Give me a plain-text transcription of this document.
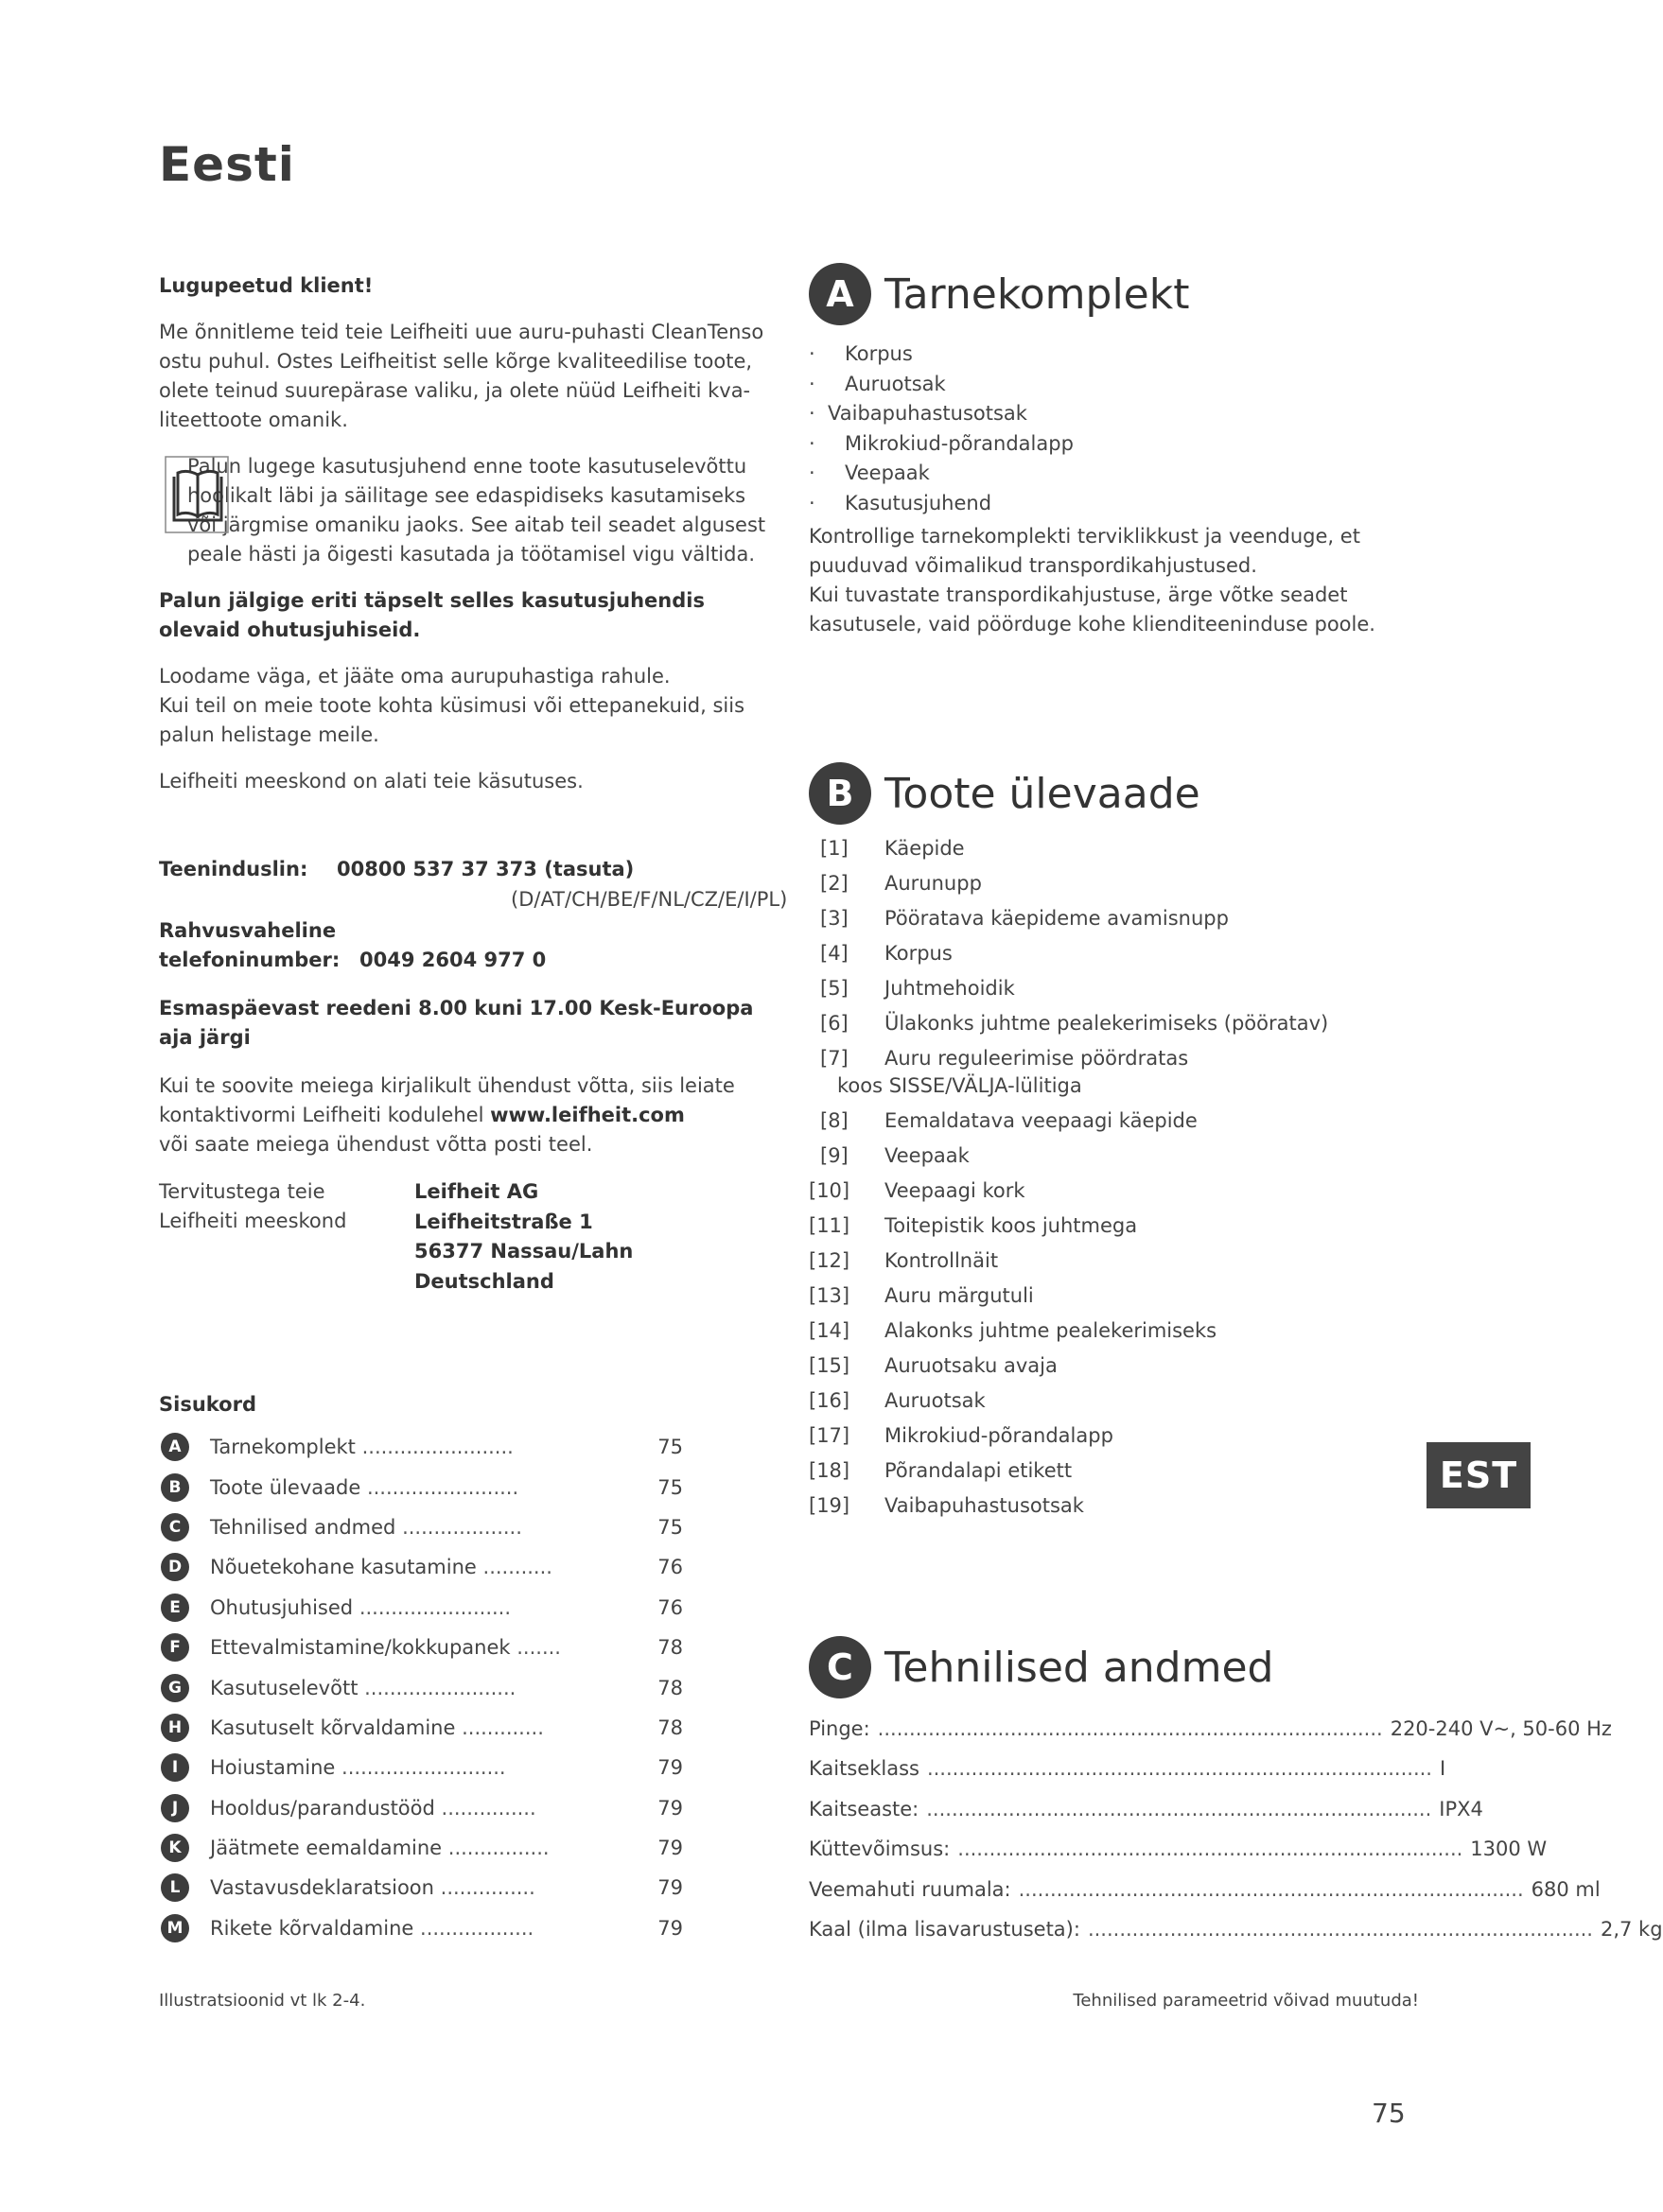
Eesti

Lugupeetud klient!

Me õnnitleme teid teie Leifheiti uue auru-puhasti CleanTenso ostu puhul. Ostes Leifheitist selle kõrge kvaliteedilise toote, olete teinud suurepärase valiku, ja olete nüüd Leifheiti kva-liteettoote omanik.

Palun lugege kasutusjuhend enne toote kasutuselevõttu hoolikalt läbi ja säilitage see edaspidiseks kasutamiseks või järgmise omaniku jaoks. See aitab teil seadet algusest peale hästi ja õigesti kasutada ja töötamisel vigu vältida.

Palun jälgige eriti täpselt selles kasutusjuhendis olevaid ohutusjuhiseid.

Loodame väga, et jääte oma aurupuhastiga rahule.

Kui teil on meie toote kohta küsimusi või ettepanekuid, siis palun helistage meile.

Leifheiti meeskond on alati teie käsutuses.

Teeninduslin:	00800 537 37 373 (tasuta)
(D/AT/CH/BE/F/NL/CZ/E/I/PL)
Rahvusvaheline
telefoninumber: 0049 2604 977 0
Esmaspäevast reedeni 8.00 kuni 17.00 Kesk-Euroopa aja järgi
Kui te soovite meiega kirjalikult ühendust võtta, siis leiate kontaktivormi Leifheiti kodulehel www.leifheit.com

või saate meiega ühendust võtta posti teel.

Tervitustega teie

Leifheiti meeskond

Leifheit AG

Leifheitstraße 1

56377 Nassau/Lahn

Deutschland

Sisukord
A	Tarnekomplekt ........................	75
B	Toote ülevaade ........................	75
C	Tehnilised andmed ...................	75
D	Nõuetekohane kasutamine ...........	76
E	Ohutusjuhised ........................	76
F	Ettevalmistamine/kokkupanek .......	78
G	Kasutuselevõtt ........................	78
H	Kasutuselt kõrvaldamine .............	78
I	Hoiustamine ..........................	79
J	Hooldus/parandustööd ...............	79
K	Jäätmete eemaldamine ................	79
L	Vastavusdeklaratsioon ...............	79
M	Rikete kõrvaldamine ..................	79
Illustratsioonid vt lk 2-4.	Tehnilised parameetrid võivad muutuda!
75
EST
A Tarnekomplekt
· Korpus
· Auruotsak
· Vaibapuhastusotsak
· Mikrokiud-põrandalapp
· Veepaak
· Kasutusjuhend

Kontrollige tarnekomplekti terviklikkust ja veenduge, et puuduvad võimalikud transpordikahjustused.

Kui tuvastate transpordikahjustuse, ärge võtke seadet kasutusele, vaid pöörduge kohe klienditeeninduse poole.

B Toote ülevaade
[1]	Käepide
[2]	Aurunupp
[3]	Pööratava käepideme avamisnupp
[4]	Korpus
[5]	Juhtmehoidik
[6]	Ülakonks juhtme pealekerimiseks (pööratav)
[7]	Auru reguleerimise pöördratas
koos SISSE/VÄLJA-lülitiga
[8]	Eemaldatava veepaagi käepide
[9]	Veepaak
[10]	Veepaagi kork
[11]	Toitepistik koos juhtmega
[12]	Kontrollnäit
[13]	Auru märgutuli
[14]	Alakonks juhtme pealekerimiseks
[15]	Auruotsaku avaja
[16]	Auruotsak
[17]	Mikrokiud-põrandalapp
[18]	Põrandalapi etikett
[19]	Vaibapuhastusotsak
C Tehnilised andmed
Pinge: ................................................................................ 220-240 V~, 50-60 Hz
Kaitseklass ................................................................................ I
Kaitseaste: ................................................................................ IPX4
Küttevõimsus: ................................................................................ 1300 W
Veemahuti ruumala: ................................................................................ 680 ml
Kaal (ilma lisavarustuseta): ................................................................................ 2,7 kg
